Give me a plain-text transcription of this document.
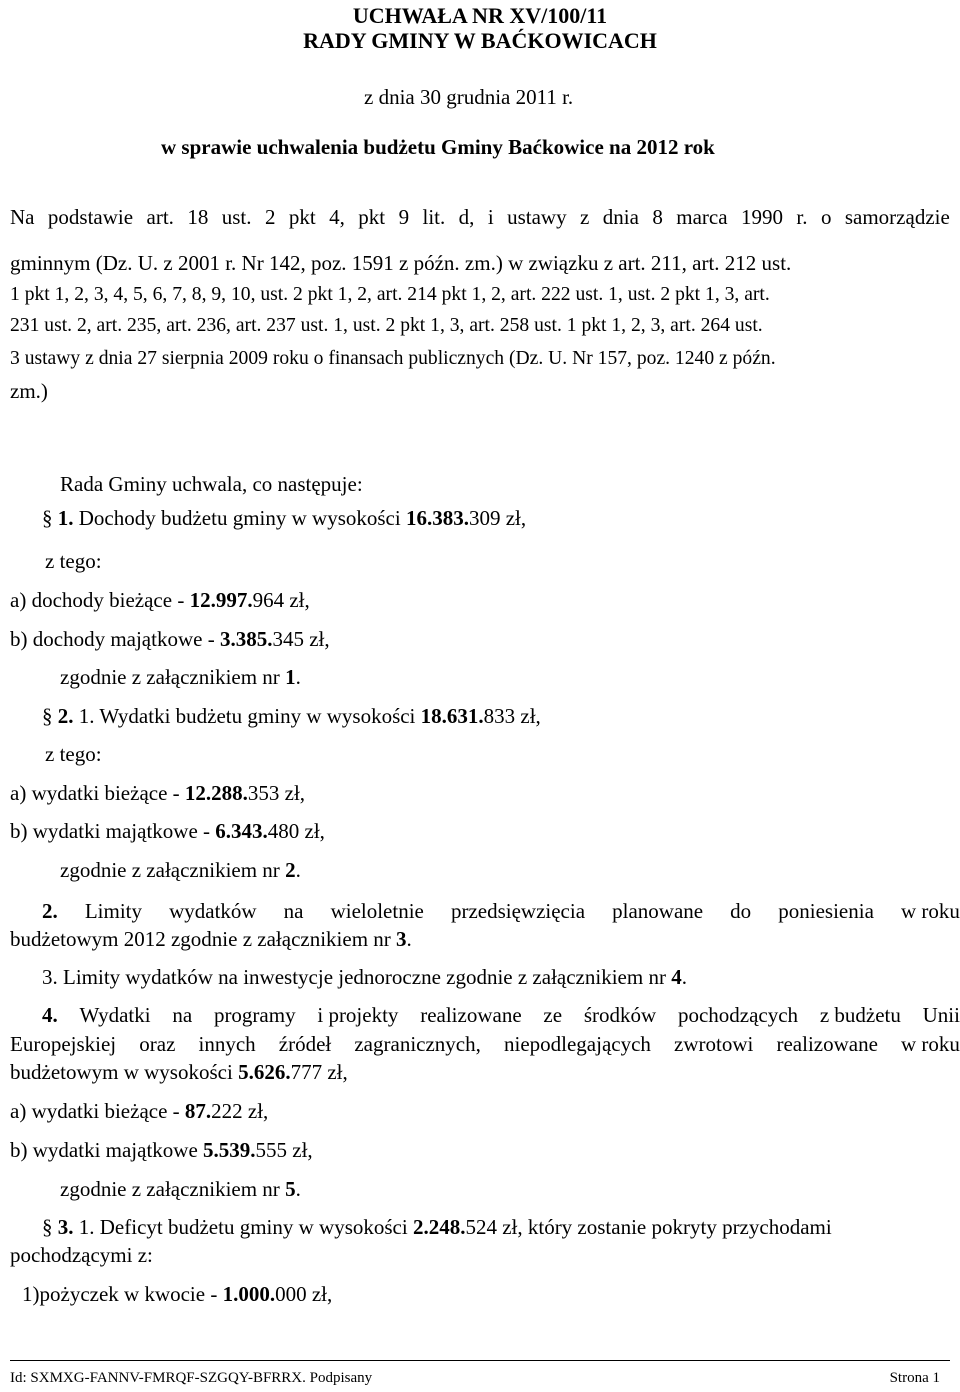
UCHWAŁA NR XV/100/11
RADY GMINY W BAĆKOWICACH
z dnia 30 grudnia 2011 r.
w sprawie uchwalenia budżetu Gminy Baćkowice na 2012 rok
Na podstawie art. 18 ust. 2 pkt 4, pkt 9 lit. d, i ustawy z dnia 8 marca 1990 r. o samorządzie
gminnym (Dz. U. z 2001 r. Nr 142, poz. 1591 z późn. zm.) w związku z art. 211, art. 212 ust.
1 pkt 1, 2, 3, 4, 5, 6, 7, 8, 9, 10, ust. 2 pkt 1, 2, art. 214 pkt 1, 2, art. 222 ust. 1, ust. 2 pkt 1, 3, art.
231 ust. 2, art. 235, art. 236, art. 237 ust. 1, ust. 2 pkt 1, 3, art. 258 ust. 1 pkt 1, 2, 3, art. 264 ust.
3 ustawy z dnia 27 sierpnia 2009 roku o finansach publicznych (Dz. U. Nr 157, poz. 1240 z późn.
zm.)
Rada Gminy uchwala, co następuje:
§ 1. Dochody budżetu gminy w wysokości 16.383.309 zł,
z tego:
a) dochody bieżące - 12.997.964 zł,
b) dochody majątkowe - 3.385.345 zł,
zgodnie z załącznikiem nr 1.
§ 2. 1. Wydatki budżetu gminy w wysokości 18.631.833 zł,
z tego:
a) wydatki bieżące - 12.288.353 zł,
b) wydatki majątkowe - 6.343.480 zł,
zgodnie z załącznikiem nr 2.
2. Limity wydatków na wieloletnie przedsięwzięcia planowane do poniesienia w roku
budżetowym 2012 zgodnie z załącznikiem nr 3.
3. Limity wydatków na inwestycje jednoroczne zgodnie z załącznikiem nr 4.
4. Wydatki na programy i projekty realizowane ze środków pochodzących z budżetu Unii
Europejskiej oraz innych źródeł zagranicznych, niepodlegających zwrotowi realizowane w roku
budżetowym w wysokości 5.626.777 zł,
a) wydatki bieżące - 87.222 zł,
b) wydatki majątkowe 5.539.555 zł,
zgodnie z załącznikiem nr 5.
§ 3. 1. Deficyt budżetu gminy w wysokości 2.248.524 zł, który zostanie pokryty przychodami
pochodzącymi z:
1)pożyczek w kwocie - 1.000.000 zł,
Id: SXMXG-FANNV-FMRQF-SZGQY-BFRRX. Podpisany	Strona 1
